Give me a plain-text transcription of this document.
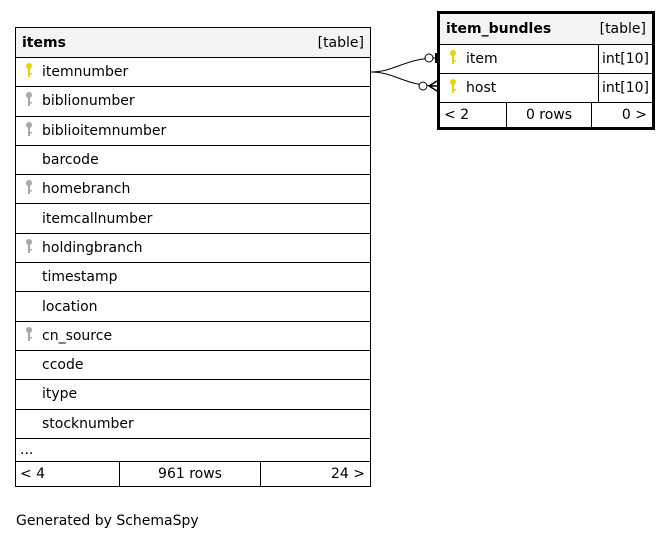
items	[table]
itemnumber
biblionumber
biblioitemnumber
barcode
homebranch
itemcallnumber
holdingbranch
timestamp
location
cn_source
ccode
itype
stocknumber
...
< 4	961 rows	24 >
item_bundles	[table]
item	int[10]
host	int[10]
< 2	0 rows	0 >
Generated by SchemaSpy
